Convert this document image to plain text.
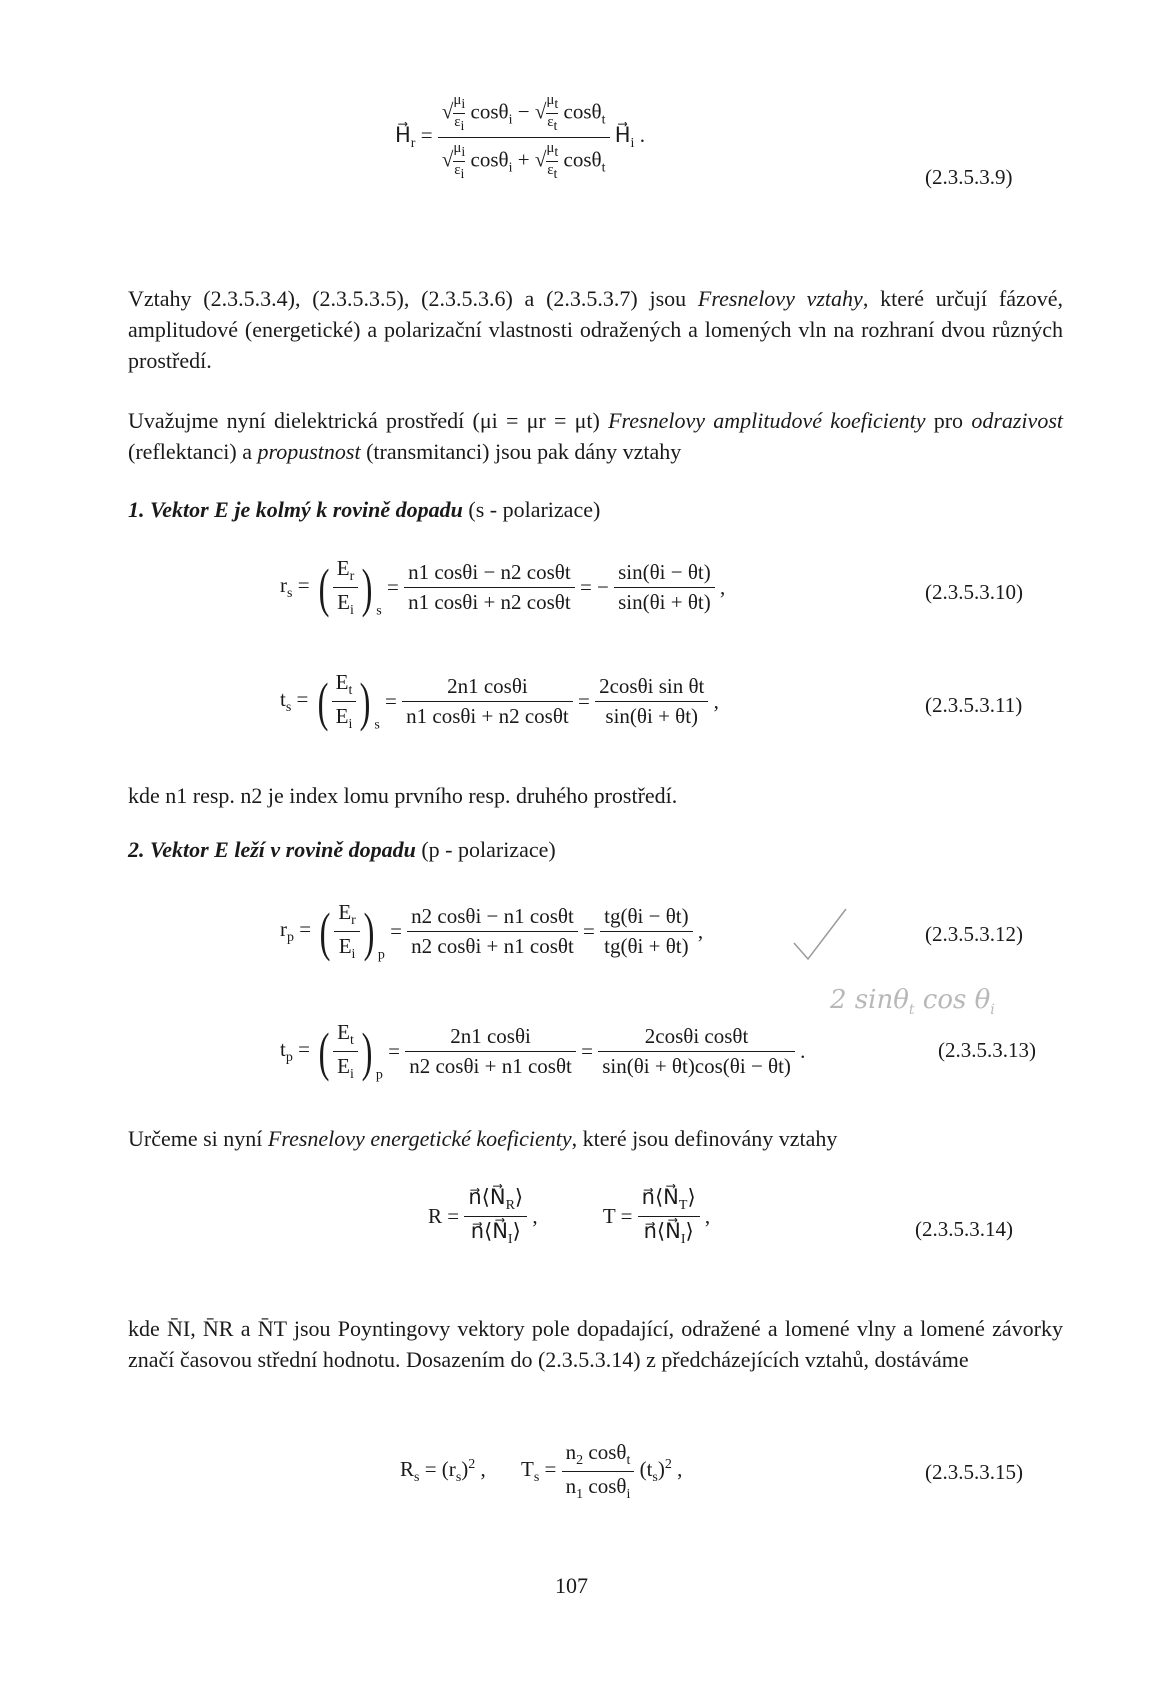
$H⃗_r = \frac{√ \frac{\mu_i}{\varepsilon_i} \cos\theta_i - √ \frac{\mu_t}{\varepsilon_t} \cos\theta_t}{√ \frac{\mu_i}{\varepsilon_i} \cos\theta_i + √ \frac{\mu_t}{\varepsilon_t} \cos\theta_t}$ $H⃗_i$ .
(2.3.5.3.9)
Vztahy (2.3.5.3.4), (2.3.5.3.5), (2.3.5.3.6) a (2.3.5.3.7) jsou Fresnelovy vztahy, které určují fázové, amplitudové (energetické) a polarizační vlastnosti odražených a lomených vln na rozhraní dvou různých prostředí.
Uvažujme nyní dielektrická prostředí (μi = μr = μt) Fresnelovy amplitudové koeficienty pro odrazivost (reflektanci) a propustnost (transmitanci) jsou pak dány vztahy
1. Vektor E je kolmý k rovině dopadu (s - polarizace)
$r_s$ = ( $\frac{E_r}{E_i}$ ) $_s = \frac{n1 \cos\theta i - n2 \cos\theta t}{n1 \cos\theta i + n2 \cos\theta t}$ = − $\frac{\sin(\theta i - \theta t)}{\sin(\theta i + \theta t)}$ ,	(2.3.5.3.10)
$t_s$ = ( $\frac{E_t}{E_i}$ ) $_s = \frac{2n1 \cos\theta i}{n1 \cos\theta i + n2 \cos\theta t} = \frac{\text{2cosθi sin θt}}{\sin(\theta i + \theta t)}$ ,	(2.3.5.3.11)
kde n1 resp. n2 je index lomu prvního resp. druhého prostředí.
2. Vektor E leží v rovině dopadu (p - polarizace)
$r_p$ = ( $\frac{E_r}{E_i}$ ) $_p = \frac{n2 \cos\theta i - n1 \cos\theta t}{n2 \cos\theta i + n1 \cos\theta t} = \frac{tg(\theta i - \theta t)}{tg(\theta i + \theta t)}$ ,	(2.3.5.3.12)
2 sinθ$_t$ $\cos \theta_i$
$t_p$ = ( $\frac{E_t}{E_i}$ ) $_p = \frac{2n1 \cos\theta i}{n2 \cos\theta i + n1 \cos\theta t} = \frac{\text{2cosθi cosθt}}{\sin(\theta i + \theta t)\cos(\theta i - \theta t)}$ .	(2.3.5.3.13)
Určeme si nyní Fresnelovy energetické koeficienty, které jsou definovány vztahy
$R = \frac{n⃗⟨N⃗_R⟩}{n⃗⟨N⃗_I⟩}$ ,	$T = \frac{n⃗⟨N⃗_T⟩}{n⃗⟨N⃗_I⟩}$ ,
(2.3.5.3.14)
kde N̄I, N̄R a N̄T jsou Poyntingovy vektory pole dopadající, odražené a lomené vlny a lomené závorky značí časovou střední hodnotu. Dosazením do (2.3.5.3.14) z předcházejících vztahů, dostáváme
$R_s = (r_s)^2$ , $T_s = \frac{n_2 \cos\theta_t}{n_1 \cos\theta_i} (t_s)^2$ ,	(2.3.5.3.15)
107
